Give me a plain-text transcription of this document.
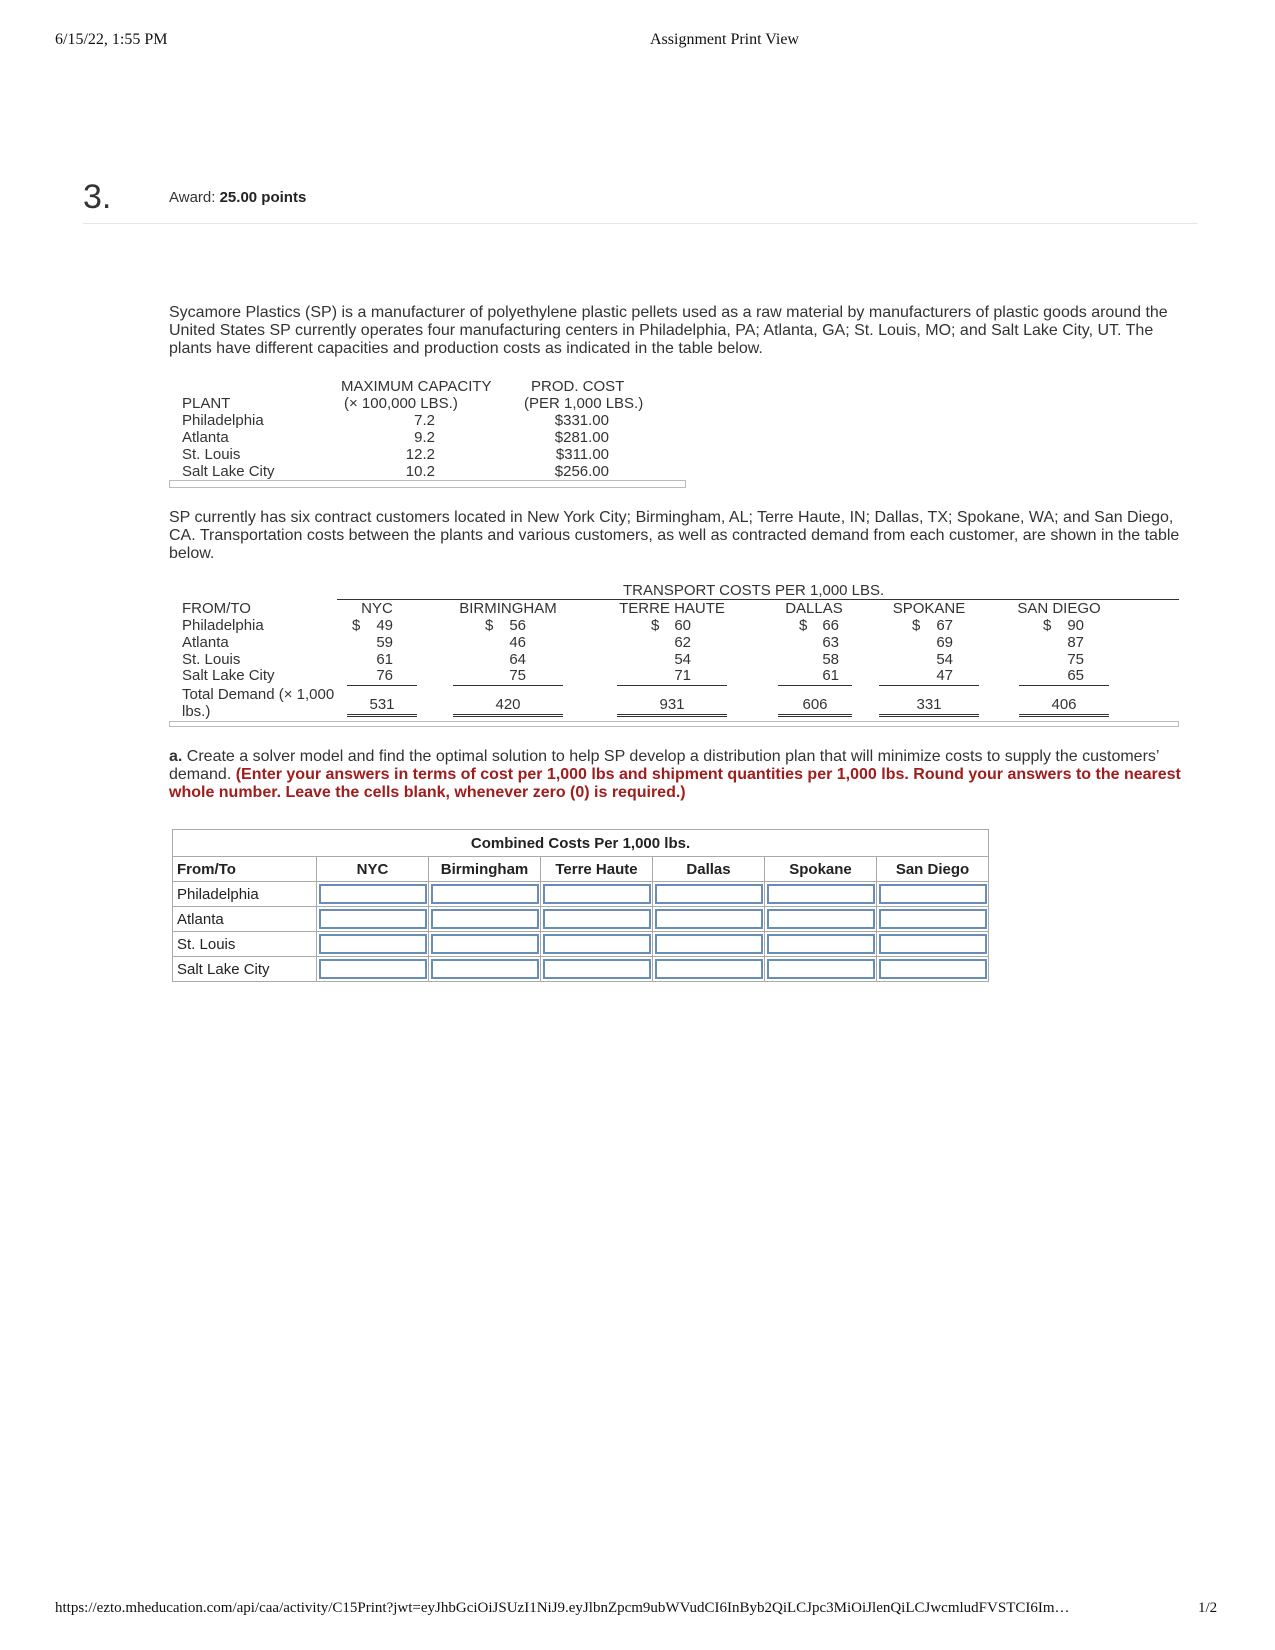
6/15/22, 1:55 PM	Assignment Print View
3.	Award: 25.00 points
Sycamore Plastics (SP) is a manufacturer of polyethylene plastic pellets used as a raw material by manufacturers of plastic goods around the United States SP currently operates four manufacturing centers in Philadelphia, PA; Atlanta, GA; St. Louis, MO; and Salt Lake City, UT. The plants have different capacities and production costs as indicated in the table below.
MAXIMUM CAPACITY	PROD. COST
PLANT	(× 100,000 LBS.)	(PER 1,000 LBS.)
Philadelphia	7.2	$331.00
Atlanta	9.2	$281.00
St. Louis	12.2	$311.00
Salt Lake City	10.2	$256.00
SP currently has six contract customers located in New York City; Birmingham, AL; Terre Haute, IN; Dallas, TX; Spokane, WA; and San Diego, CA. Transportation costs between the plants and various customers, as well as contracted demand from each customer, are shown in the table below.
TRANSPORT COSTS PER 1,000 LBS.
FROM/TO	NYC	BIRMINGHAM	TERRE HAUTE	DALLAS	SPOKANE	SAN DIEGO
Philadelphia	$	49	$	56	$ 60	$ 66	$	67	$	90
Atlanta	59	46	62	63	69	87
St. Louis	61	64	54	58	54	75
Salt Lake City	76	75	71	61	47	65
Total Demand (× 1,000
lbs.)	531	420	931	606	331	406
a. Create a solver model and find the optimal solution to help SP develop a distribution plan that will minimize costs to supply the customers’ demand. (Enter your answers in terms of cost per 1,000 lbs and shipment quantities per 1,000 lbs. Round your answers to the nearest whole number. Leave the cells blank, whenever zero (0) is required.)
Combined Costs Per 1,000 lbs.						
From/To	NYC	Birmingham	Terre Haute	Dallas	Spokane	San Diego
Philadelphia	

Atlanta	

St. Louis	

Salt Lake City	

https://ezto.mheducation.com/api/caa/activity/C15Print?jwt=eyJhbGciOiJSUzI1NiJ9.eyJlbnZpcm9ubWVudCI6InByb2QiLCJpc3MiOiJlenQiLCJwcmludFVSTCI6Im…	1/2
